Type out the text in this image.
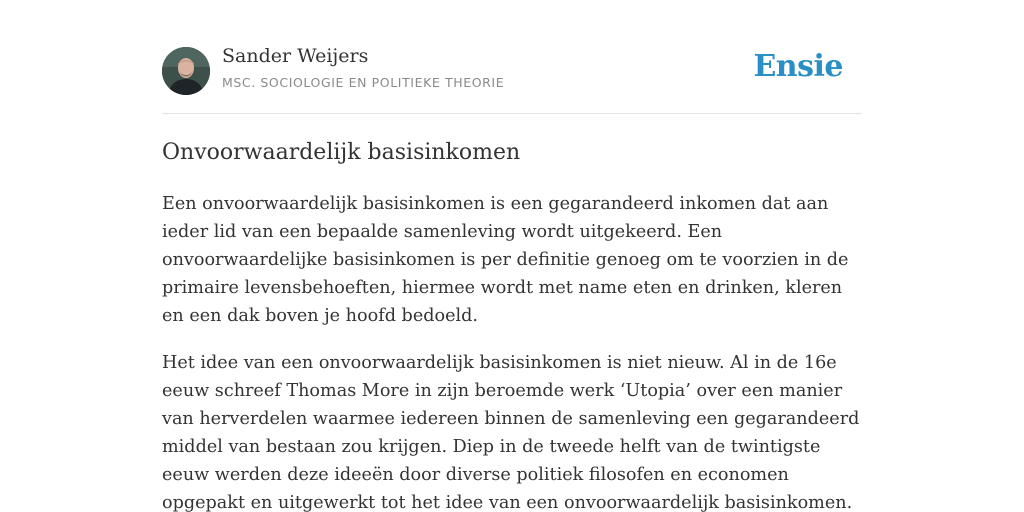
Sander Weijers
MSC. SOCIOLOGIE EN POLITIEKE THEORIE	Ensie
Onvoorwaardelijk basisinkomen

Een onvoorwaardelijk basisinkomen is een gegarandeerd inkomen dat aan ieder lid van een bepaalde samenleving wordt uitgekeerd. Een onvoorwaardelijke basisinkomen is per definitie genoeg om te voorzien in de primaire levensbehoeften, hiermee wordt met name eten en drinken, kleren en een dak boven je hoofd bedoeld.

Het idee van een onvoorwaardelijk basisinkomen is niet nieuw. Al in de 16e eeuw schreef Thomas More in zijn beroemde werk ‘Utopia’ over een manier van herverdelen waarmee iedereen binnen de samenleving een gegarandeerd middel van bestaan zou krijgen. Diep in de tweede helft van de twintigste eeuw werden deze ideeën door diverse politiek filosofen en economen opgepakt en uitgewerkt tot het idee van een onvoorwaardelijk basisinkomen.
